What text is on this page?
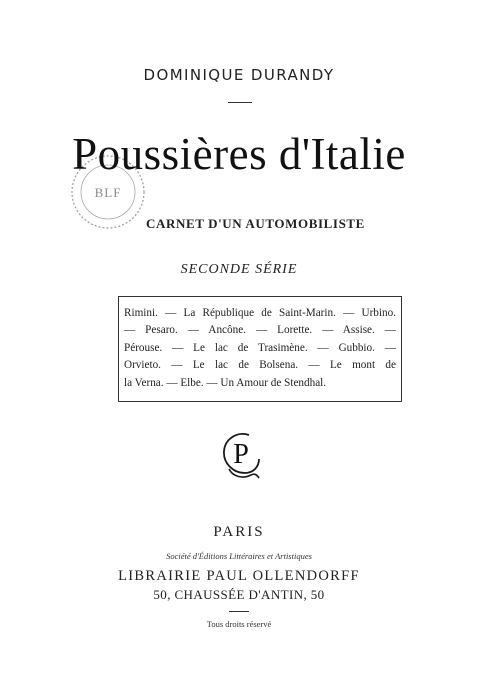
BLF
DOMINIQUE DURANDY
Poussières d'Italie
CARNET D'UN AUTOMOBILISTE
SECONDE SÉRIE
Rimini. — La République de Saint-Marin. — Urbino.
— Pesaro. — Ancône. — Lorette. — Assise. —
Pérouse. — Le lac de Trasimène. — Gubbio. —
Orvieto. — Le lac de Bolsena. — Le mont de
la Verna. — Elbe. — Un Amour de Stendhal.
P
PARIS
Société d'Éditions Littéraires et Artistiques
LIBRAIRIE PAUL OLLENDORFF
50, CHAUSSÉE D'ANTIN, 50
Tous droits réservé
